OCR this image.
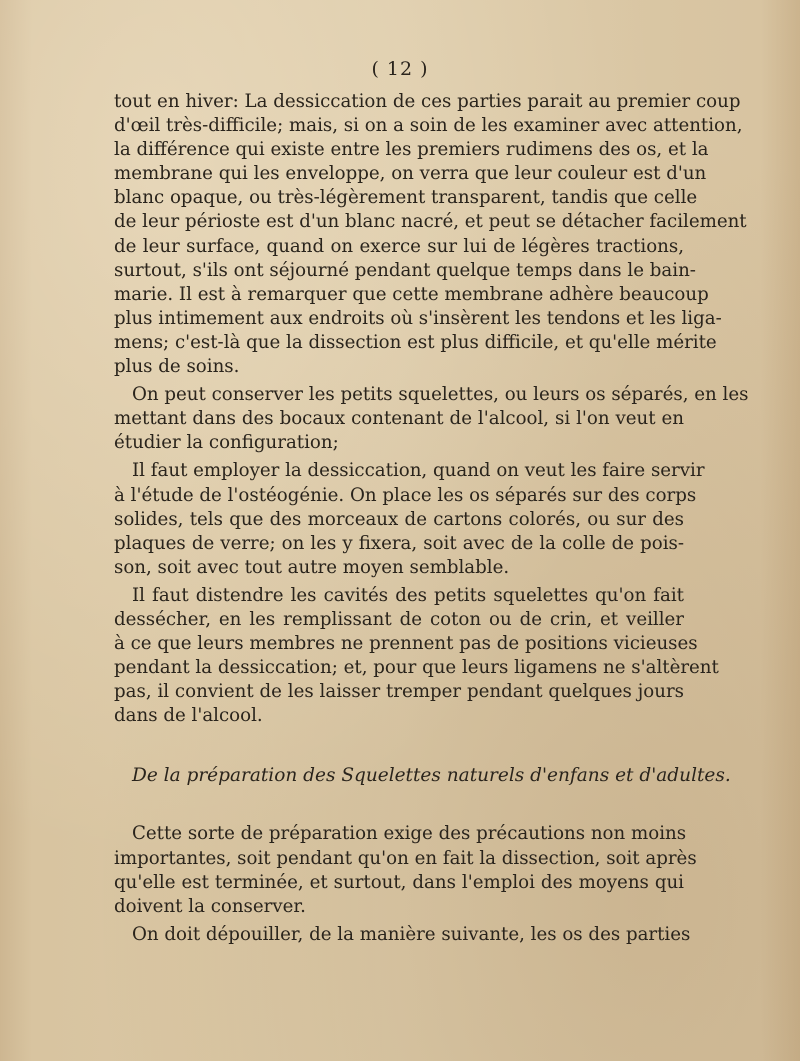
( 12 )
tout en hiver: La dessiccation de ces parties parait au premier coup
d'œil très-difficile; mais, si on a soin de les examiner avec attention,
la différence qui existe entre les premiers rudimens des os, et la
membrane qui les enveloppe, on verra que leur couleur est d'un
blanc opaque, ou très-légèrement transparent, tandis que celle
de leur périoste est d'un blanc nacré, et peut se détacher facilement
de leur surface, quand on exerce sur lui de légères tractions,
surtout, s'ils ont séjourné pendant quelque temps dans le bain-
marie. Il est à remarquer que cette membrane adhère beaucoup
plus intimement aux endroits où s'insèrent les tendons et les liga-
mens; c'est-là que la dissection est plus difficile, et qu'elle mérite
plus de soins.
On peut conserver les petits squelettes, ou leurs os séparés, en les
mettant dans des bocaux contenant de l'alcool, si l'on veut en
étudier la configuration;
Il faut employer la dessiccation, quand on veut les faire servir
à l'étude de l'ostéogénie. On place les os séparés sur des corps
solides, tels que des morceaux de cartons colorés, ou sur des
plaques de verre; on les y fixera, soit avec de la colle de pois-
son, soit avec tout autre moyen semblable.
Il faut distendre les cavités des petits squelettes qu'on fait
dessécher, en les remplissant de coton ou de crin, et veiller
à ce que leurs membres ne prennent pas de positions vicieuses
pendant la dessiccation; et, pour que leurs ligamens ne s'altèrent
pas, il convient de les laisser tremper pendant quelques jours
dans de l'alcool.
De la préparation des Squelettes naturels d'enfans et d'adultes.
Cette sorte de préparation exige des précautions non moins
importantes, soit pendant qu'on en fait la dissection, soit après
qu'elle est terminée, et surtout, dans l'emploi des moyens qui
doivent la conserver.
On doit dépouiller, de la manière suivante, les os des parties
